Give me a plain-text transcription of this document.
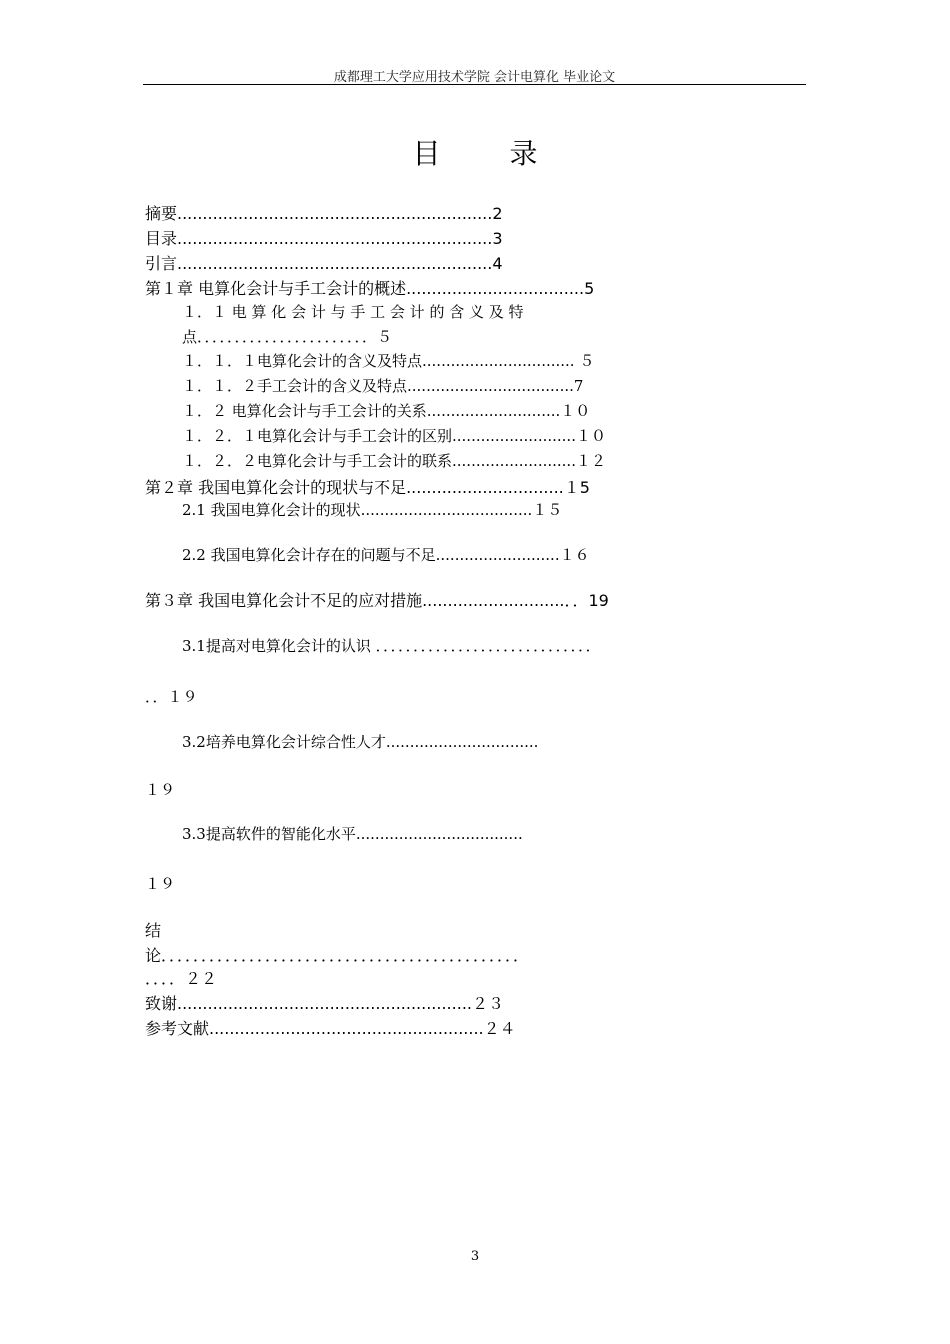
成都理工大学应用技术学院 会计电算化 毕业论文
目 录
摘要..............................................................2
目录..............................................................3
引言..............................................................4
第１章 电算化会计与手工会计的概述...................................5
１．１ 电 算 化 会 计 与 手 工 会 计 的 含 义 及 特
点．．．．．．．．．．．．．．．．．．．．．．．５
１．１．１电算化会计的含义及特点................................ ５
１．１．２手工会计的含义及特点...................................7
１．２ 电算化会计与手工会计的关系............................１０
１．２．１电算化会计与手工会计的区别..........................１０
１．２．２电算化会计与手工会计的联系..........................１２
第２章 我国电算化会计的现状与不足...............................１5
2.1 我国电算化会计的现状....................................１５
2.2 我国电算化会计存在的问题与不足..........................１６
第３章 我国电算化会计不足的应对措施............................．．19
3.1提高对电算化会计的认识 ．．．．．．．．．．．．．．．．．．．．．．．．．．．．．
．．１９
3.2培养电算化会计综合性人才................................
１９
3.3提高软件的智能化水平...................................
１９
结
论．．．．．．．．．．．．．．．．．．．．．．．．．．．．．．．．．．．．．．．．．．．．．
．．．．２２
致谢..........................................................２３
参考文献......................................................２４
3
